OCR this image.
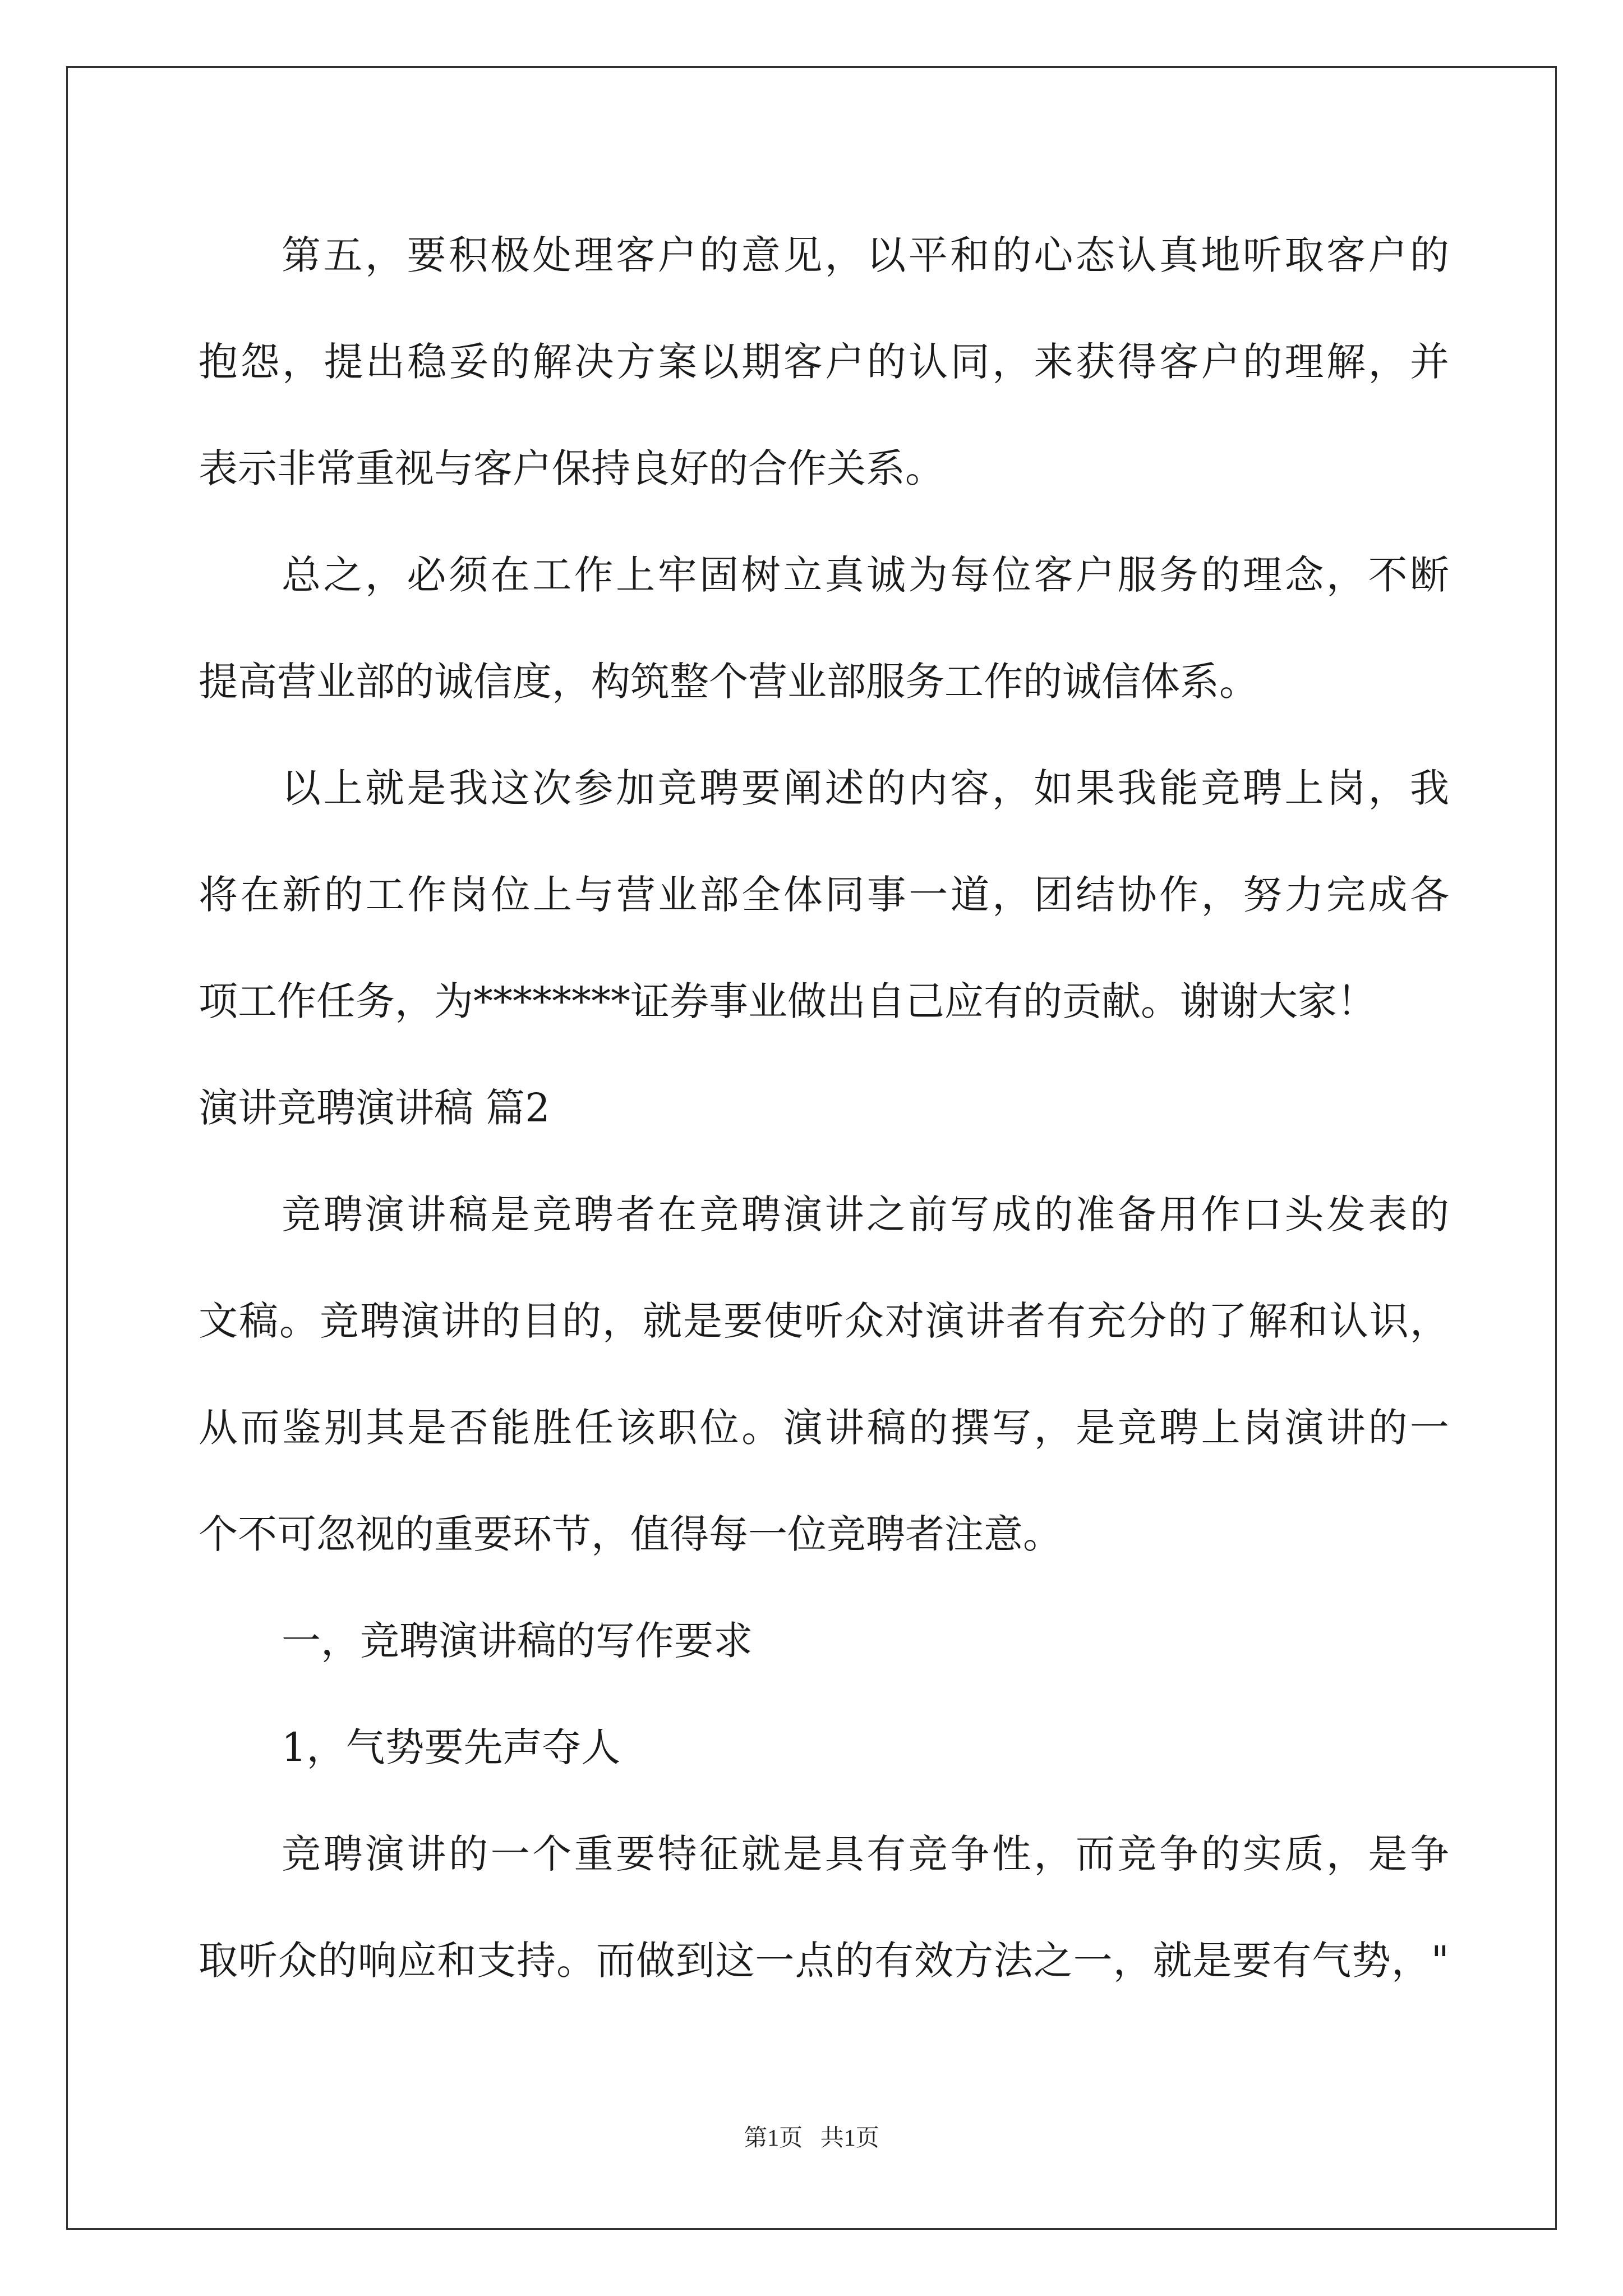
第五，要积极处理客户的意见，以平和的心态认真地听取客户的
抱怨，提出稳妥的解决方案以期客户的认同，来获得客户的理解，并
表示非常重视与客户保持良好的合作关系。
总之，必须在工作上牢固树立真诚为每位客户服务的理念，不断
提高营业部的诚信度，构筑整个营业部服务工作的诚信体系。
以上就是我这次参加竞聘要阐述的内容，如果我能竞聘上岗，我
将在新的工作岗位上与营业部全体同事一道，团结协作，努力完成各
项工作任务，为********证券事业做出自己应有的贡献。谢谢大家！
演讲竞聘演讲稿 篇2
竞聘演讲稿是竞聘者在竞聘演讲之前写成的准备用作口头发表的
文稿。竞聘演讲的目的，就是要使听众对演讲者有充分的了解和认识，
从而鉴别其是否能胜任该职位。演讲稿的撰写，是竞聘上岗演讲的一
个不可忽视的重要环节，值得每一位竞聘者注意。
一，竞聘演讲稿的写作要求
1，气势要先声夺人
竞聘演讲的一个重要特征就是具有竞争性，而竞争的实质，是争
取听众的响应和支持。而做到这一点的有效方法之一，就是要有气势，"
第1页   共1页
